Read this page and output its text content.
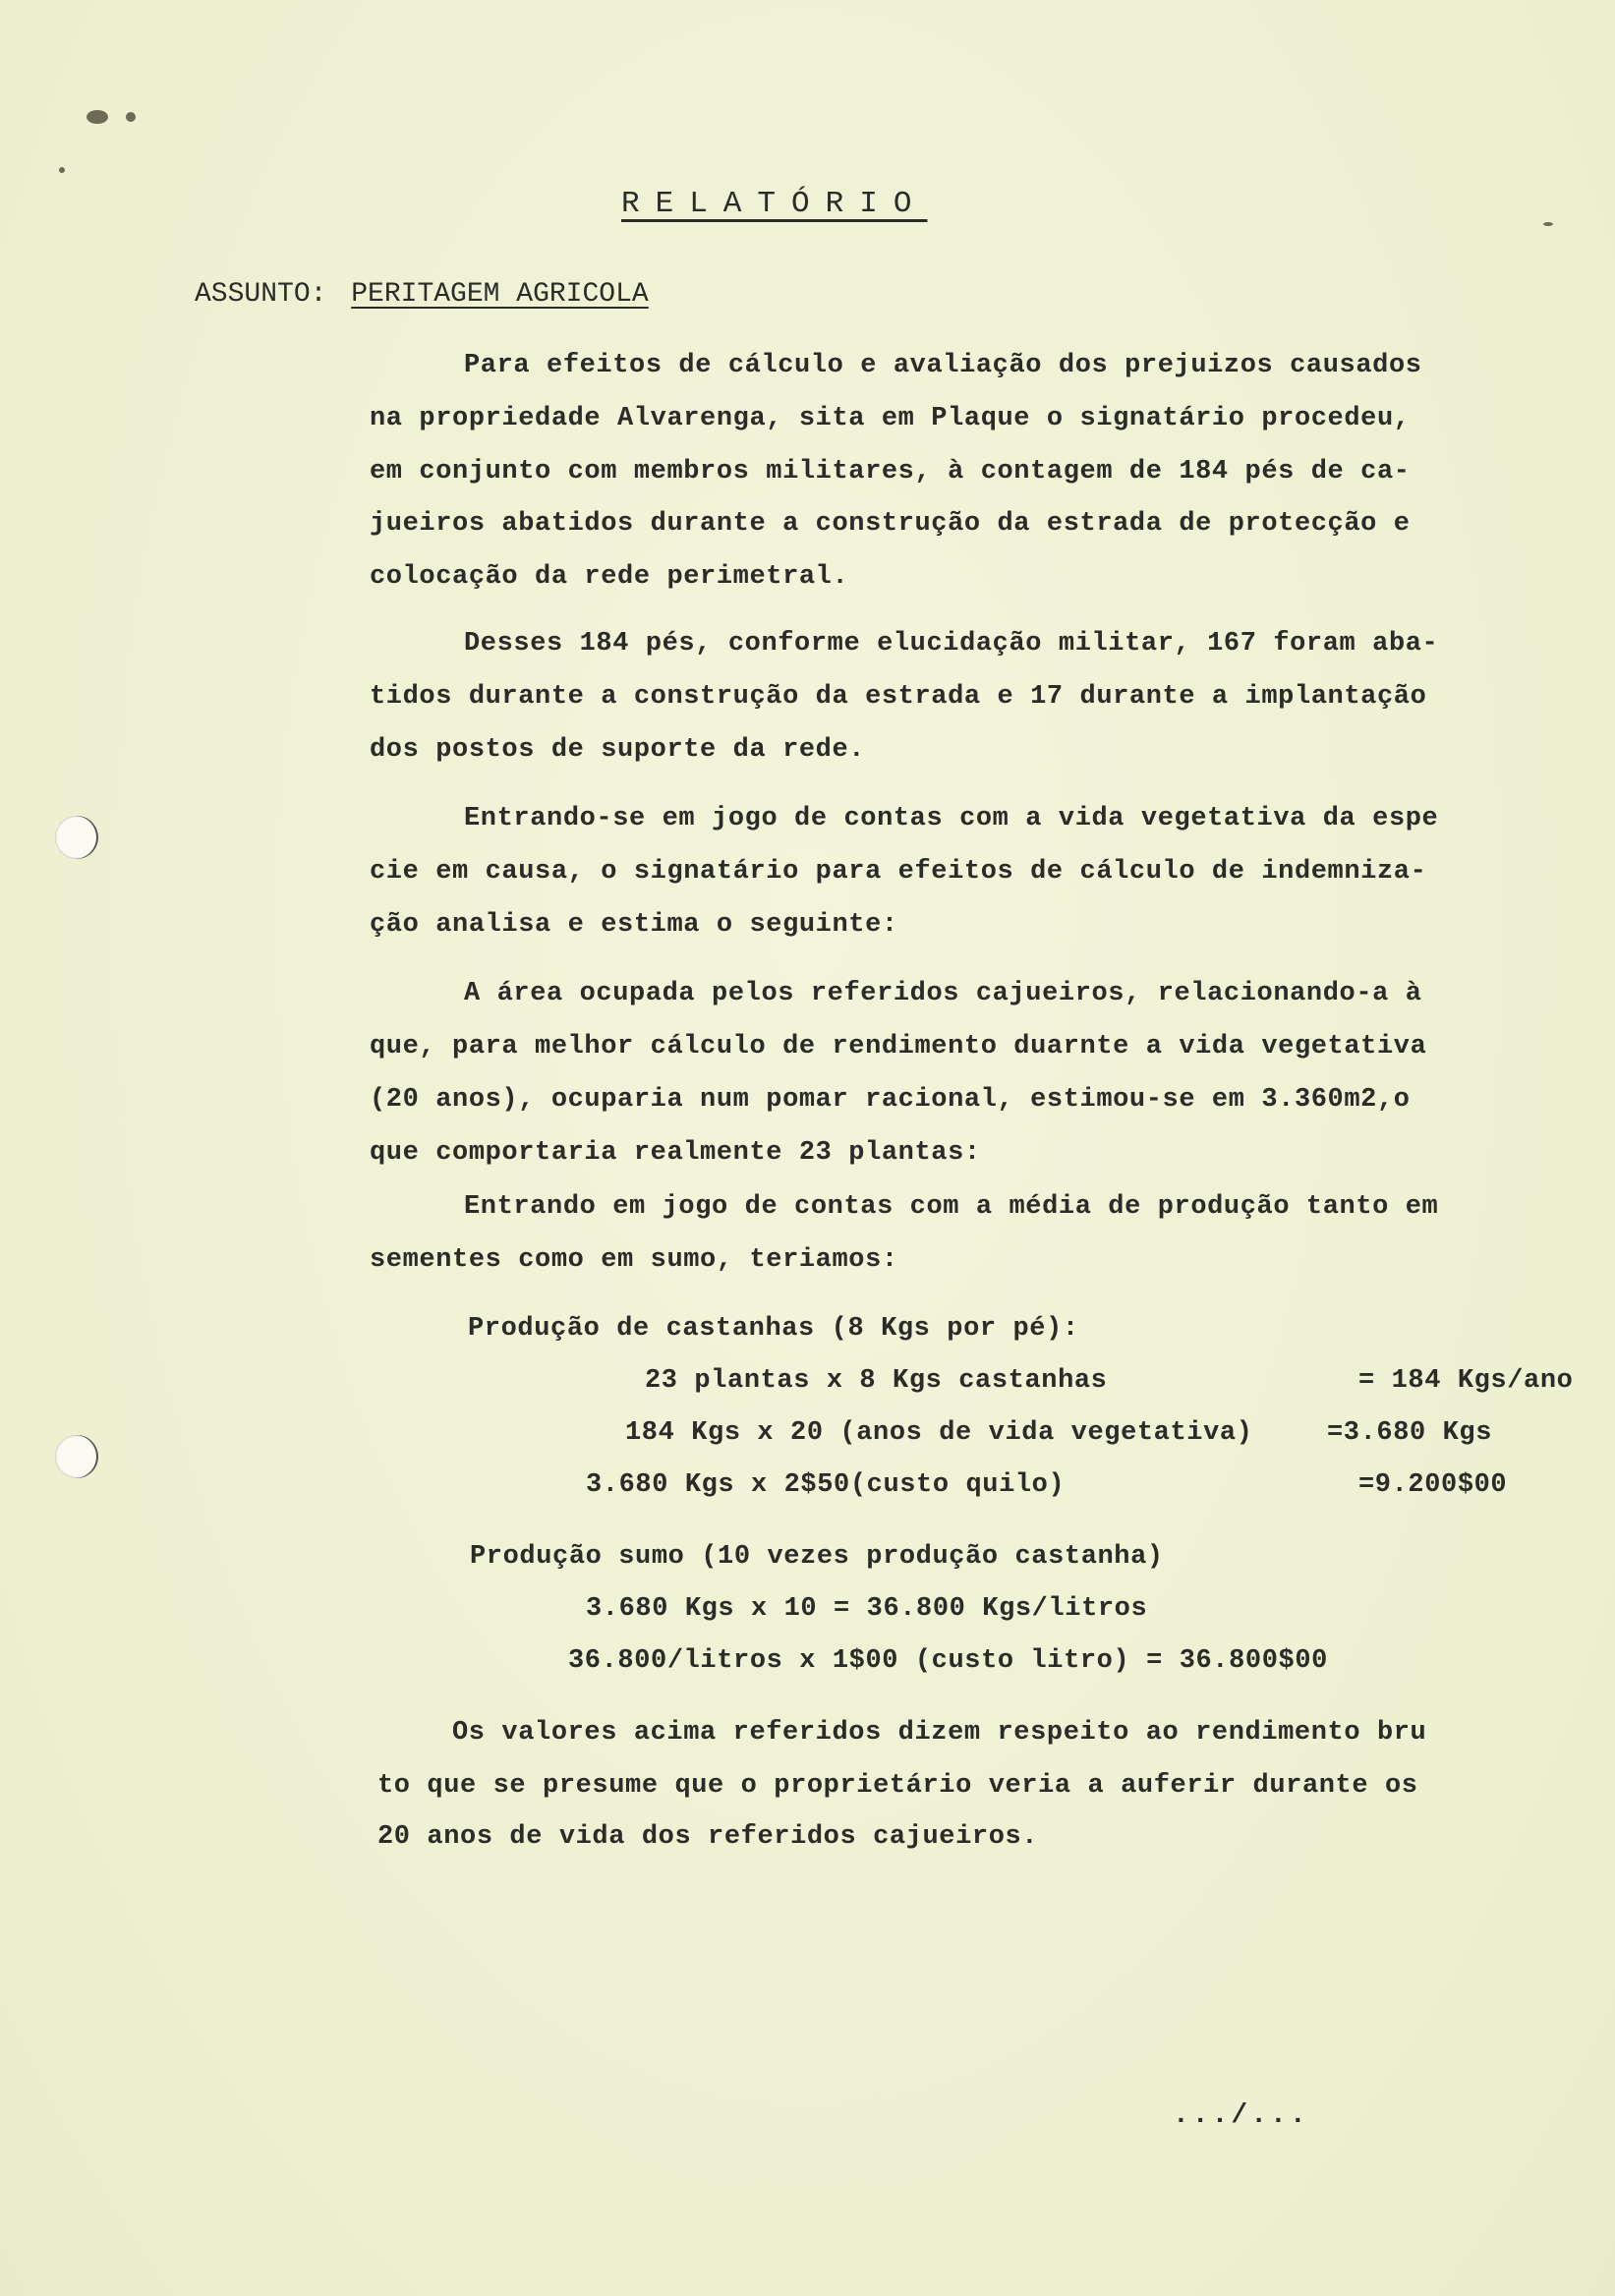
RELATÓRIO
ASSUNTO: PERITAGEM AGRICOLA
Para efeitos de cálculo e avaliação dos prejuizos causados
na propriedade Alvarenga, sita em Plaque o signatário procedeu,
em conjunto com membros militares, à contagem de 184 pés de ca-
jueiros abatidos durante a construção da estrada de protecção e
colocação da rede perimetral.
Desses 184 pés, conforme elucidação militar, 167 foram aba-
tidos durante a construção da estrada e 17 durante a implantação
dos postos de suporte da rede.
Entrando-se em jogo de contas com a vida vegetativa da espe
cie em causa, o signatário para efeitos de cálculo de indemniza-
ção analisa e estima o seguinte:
A área ocupada pelos referidos cajueiros, relacionando-a à
que, para melhor cálculo de rendimento duarnte a vida vegetativa
(20 anos), ocuparia num pomar racional, estimou-se em 3.360m2,o
que comportaria realmente 23 plantas:
Entrando em jogo de contas com a média de produção tanto em
sementes como em sumo, teriamos:
Produção de castanhas (8 Kgs por pé):
23 plantas x 8 Kgs castanhas	= 184 Kgs/ano
184 Kgs x 20 (anos de vida vegetativa)	=3.680 Kgs
3.680 Kgs x 2$50(custo quilo)	=9.200$00
Produção sumo (10 vezes produção castanha)
3.680 Kgs x 10 = 36.800 Kgs/litros
36.800/litros x 1$00 (custo litro) = 36.800$00
Os valores acima referidos dizem respeito ao rendimento bru
to que se presume que o proprietário veria a auferir durante os
20 anos de vida dos referidos cajueiros.
.../...
